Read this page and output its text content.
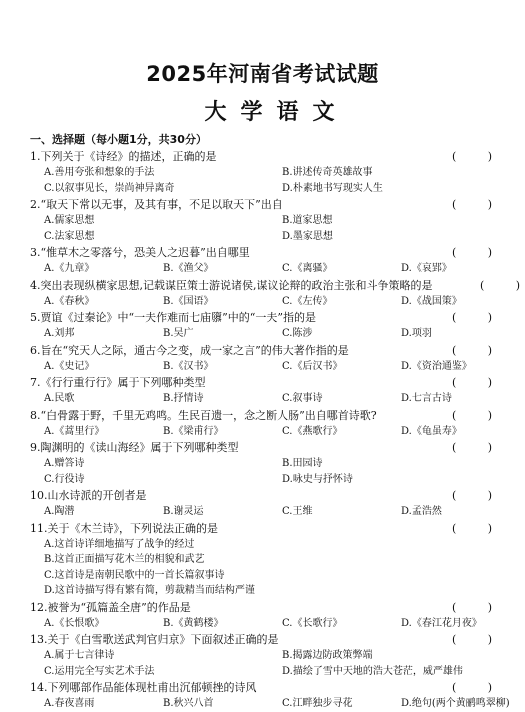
2025年河南省考试试题
大学语文
一、选择题（每小题1分，共30分）
1.下列关于《诗经》的描述，正确的是	(	)
A.善用夸张和想象的手法	B.讲述传奇英雄故事
C.以叙事见长，崇尚神异离奇	D.朴素地书写现实人生
2.“取天下常以无事，及其有事，不足以取天下”出自	(	)
A.儒家思想	B.道家思想
C.法家思想	D.墨家思想
3.“惟草木之零落兮，恐美人之迟暮”出自哪里	(	)
A.《九章》	B.《渔父》	C.《离骚》	D.《哀郢》
4.突出表现纵横家思想,记载谋臣策士游说诸侯,谋议论辩的政治主张和斗争策略的是	(	)
A.《春秋》	B.《国语》	C.《左传》	D.《战国策》
5.贾谊《过秦论》中“一夫作难而七庙隳”中的“一夫”指的是	(	)
A.刘邦	B.吴广	C.陈涉	D.项羽
6.旨在“究天人之际，通古今之变，成一家之言”的伟大著作指的是	(	)
A.《史记》	B.《汉书》	C.《后汉书》	D.《资治通鉴》
7.《行行重行行》属于下列哪种类型	(	)
A.民歌	B.抒情诗	C.叙事诗	D.七言古诗
8.“白骨露于野，千里无鸡鸣。生民百遗一，念之断人肠”出自哪首诗歌?	(	)
A.《蒿里行》	B.《梁甫行》	C.《燕歌行》	D.《龟虽寿》
9.陶渊明的《读山海经》属于下列哪种类型	(	)
A.赠答诗	B.田园诗
C.行役诗	D.咏史与抒怀诗
10.山水诗派的开创者是	(	)
A.陶潜	B.谢灵运	C.王维	D.孟浩然
11.关于《木兰诗》，下列说法正确的是	(	)
A.这首诗详细地描写了战争的经过
B.这首正面描写花木兰的相貌和武艺
C.这首诗是南朝民歌中的一首长篇叙事诗
D.这首诗描写得有繁有简，剪裁精当而结构严谨
12.被誉为“孤篇盖全唐”的作品是	(	)
A.《长恨歌》	B.《黄鹤楼》	C.《长歌行》	D.《春江花月夜》
13.关于《白雪歌送武判官归京》下面叙述正确的是	(	)
A.属于七言律诗	B.揭露边防政策弊端
C.运用完全写实艺术手法	D.描绘了雪中天地的浩大苍茫，威严雄伟
14.下列哪部作品能体现杜甫出沉郁顿挫的诗风	(	)
A.春夜喜雨	B.秋兴八首	C.江畔独步寻花	D.绝句(两个黄鹂鸣翠柳)
